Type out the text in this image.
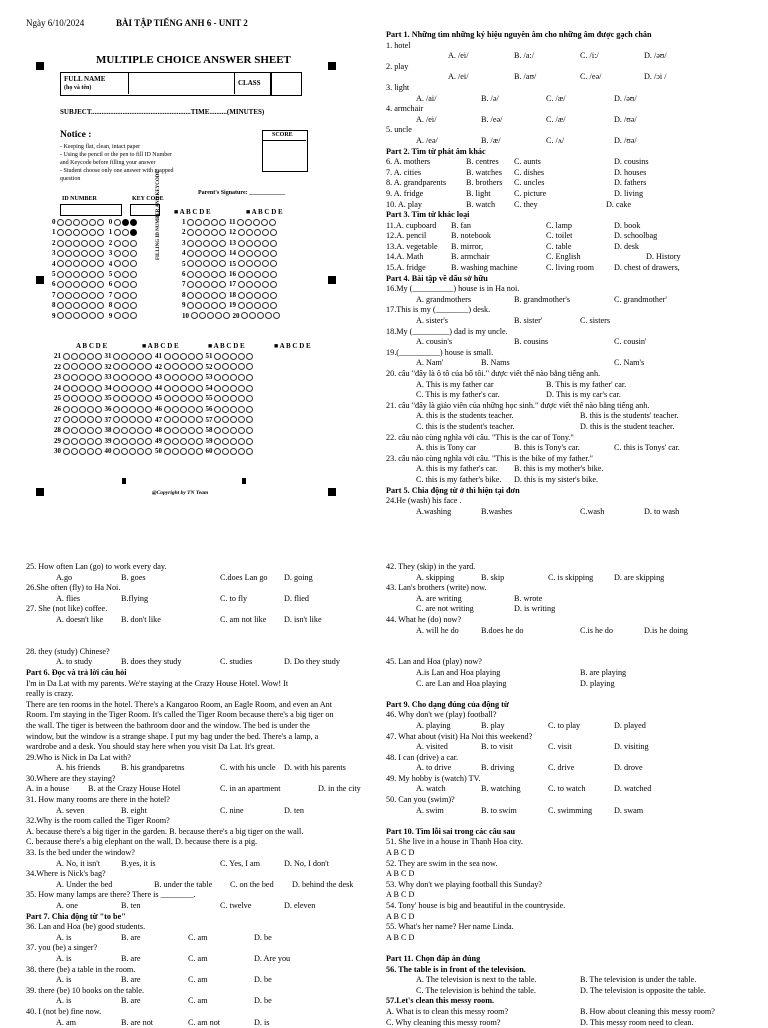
Ngày 6/10/2024	BÀI TẬP TIẾNG ANH 6 - UNIT 2
MULTIPLE CHOICE ANSWER SHEET
FULL NAME
(họ và tên)
CLASS
SUBJECT.........................................................TIME..........(MINUTES)
Notice :	SCORE
- Keeping flat, clean, intact paper
- Using the pencil or the pen to fill ID Number
and Keycode before filling your answer
- Student choose only one answer with mapped
question
Parent's Signature: ____________
ID NUMBER	KEY CODE
FILLING ID NUMBER AND KEYCODE
@Copyright by TN Team
0	0
1	1
2	2
3	3
4	4
5	5
6	6
7	7
8	8
9	9
■ A B C D E	■ A B C D E
1	11
2	12
3	13
4	14
5	15
6	16
7	17
8	18
9	19
10	20
A B C D E	■ A B C D E	■ A B C D E	■ A B C D E
21	31	41	51
22	32	42	52
23	33	43	53
24	34	44	54
25	35	45	55
26	36	46	56
27	37	47	57
28	38	48	58
29	39	49	59
30	40	50	60
Part 1. Những tìm những ký hiệu nguyên âm cho những âm được gạch chân
1. hotel
A. /ei/	B. /a:/	C. /i:/	D. /əʊ/
2. play
A. /ei/	B. /aʊ/	C. /eə/	D. /ɔi /
3. light
A. /ai/	B. /ə/	C. /æ/	D. /əʊ/
4. armchair
A. /ei/	B. /eə/	C. /æ/	D. /ʊə/
5. uncle
A. /eə/	B. /æ/	C. /ʌ/	D. /ʊə/
Part 2. Tìm từ phát âm khác
6. A. mothers	B. centres C. aunts	D. cousins
7. A. cities	B. watches C. dishes	D. houses
8. A. grandparents B. brothers C. uncles	D. fathers
9. A. fridge	B. light	C. picture	D. living
10. A. play	B. watch C. they	D. cake
Part 3. Tìm từ khác loại
11.A. cupboard B. fan	C. lamp	D. book
12.A. pencil	B. notebook	C. toilet	D. schoolbag
13.A. vegetable B. mirror,	C. table	D. desk
14.A. Math	B. armchair	C. English	D. History
15.A. fridge	B. washing machine	C. living room D. chest of drawers,
Part 4. Bài tập về dấu sở hữu
16.My (__________) house is in Ha noi.
A. grandmothers	B. grandmother's	C. grandmother'
17.This is my (________) desk.
A. sister's	B. sister'	C. sisters
18.My (_________) dad is my uncle.
A. cousin's	B. cousins	C. cousin'
19.(__________) house is small.
A. Nam'	B. Nams	C. Nam's
20. câu "đây là ô tô của bố tôi." được viết thế nào bằng tiếng anh.
A. This is my father car	B. This is my father' car.
C. This is my father's car.	D. This is my car's car.
21. câu "đây là giáo viên của những học sinh." được viết thế nào bằng tiếng anh.
A. this is the students teacher.	B. this is the students' teacher.
C. this is the student's teacher.	D. this is the student teacher.
22. câu nào cùng nghĩa với câu. "This is the car of Tony."
A. this is Tony car	B. this is Tony's car.	C. this is Tonys' car.
23. câu nào cùng nghĩa với câu. "This is the bike of my father."
A. this is my father's car. B. this is my mother's bike.
C. this is my father's bike. D. this is my sister's bike.
Part 5. Chia động từ ở thì hiện tại đơn
24.He (wash) his face .
A.washing	B.washes	C.wash	D. to wash
25. How often Lan (go) to work every day.
A.go	B. goes	C.does Lan go D. going
26.She often (fly) to Ha Noi.
A. flies	B.flying	C. to fly	D. flied
27. She (not like) coffee.
A. doesn't like B. don't like	C. am not like D. isn't like
28. they (study) Chinese?
A. to study	B. does they study	C. studies	D. Do they study
Part 6. Đọc và trả lời câu hỏi
I'm in Da Lat with my parents. We're staying at the Crazy House Hotel. Wow! It
really is crazy.
There are ten rooms in the hotel. There's a Kangaroo Room, an Eagle Room, and even an Ant
Room. I'm staying in the Tiger Room. It's called the Tiger Room because there's a big tiger on
the wall. The tiger is between the bathroom door and the window. The bed is under the
window, but the window is a strange shape. I put my bag under the bed. There's a lamp, a
wardrobe and a desk. You should stay here when you visit Da Lat. It's great.
29.Who is Nick in Da Lat with?
A. his friends	B. his grandparetns	C. with his uncle D. with his parents
30.Where are they staying?
A. in a house B. at the Crazy House Hotel	C. in an apartment	D. in the city
31. How many rooms are there in the hotel?
A. seven	B. eight	C. nine	D. ten
32.Why is the room called the Tiger Room?
A. because there's a big tiger in the garden. B. because there's a big tiger on the wall.
C. because there's a big elephant on the wall. D. because there is a pig.
33. Is the bed under the window?
A. No, it isn't	B.yes, it is	C. Yes, I am	D. No, I don't
34.Where is Nick's bag?
A. Under the bed	B. under the table C. on the bed D. behind the desk
35. How many lamps are there? There is ________.
A. one	B. ten	C. twelve	D. eleven
Part 7. Chia động từ "to be"
36. Lan and Hoa (be) good students.
A. is	B. are	C. am	D. be
37. you (be) a singer?
A. is	B. are	C. am	D. Are you
38. there (be) a table in the room.
A. is	B. are	C. am	D. be
39. there (be) 10 books on the table.
A. is	B. are	C. am	D. be
40. I (not be) fine now.
A. am	B. are not	C. am not	D. is
42. They (skip) in the yard.
A. skipping	B. skip	C. is skipping	D. are skipping
43. Lan's brothers (write) now.
A. are writing	B. wrote
C. are not writing	D. is writing
44. What he (do) now?
A. will he do	B.does he do	C.is he do	D.is he doing
45. Lan and Hoa (play) now?
A.is Lan and Hoa playing	B. are playing
C. are Lan and Hoa playing	D. playing
Part 9. Cho dạng đúng của động từ
46. Why don't we (play) football?
A. playing	B. play	C. to play	D. played
47. What about (visit) Ha Noi this weekend?
A. visited	B. to visit	C. visit	D. visiting
48. I can (drive) a car.
A. to drive	B. driving	C. drive	D. drove
49. My hobby is (watch) TV.
A. watch	B. watching	C. to watch	D. watched
50. Can you (swim)?
A. swim	B. to swim	C. swimming	D. swam
Part 10. Tìm lỗi sai trong các câu sau
51. She live in a house in Thanh Hoa city.
A B C D
52. They are swim in the sea now.
A B C D
53. Why don't we playing football this Sunday?
A B C D
54. Tony' house is big and beautiful in the countryside.
A B C D
55. What's her name? Her name Linda.
A B C D
Part 11. Chọn đáp án đúng
56. The table is in front of the television.
A. The television is next to the table.	B. The television is under the table.
C. The television is behind the table.	D. The television is opposite the table.
57.Let's clean this messy room.
A. What is to clean this messy room?	B. How about cleaning this messy room?
C. Why cleaning this messy room?	D. This messy room need to clean.
